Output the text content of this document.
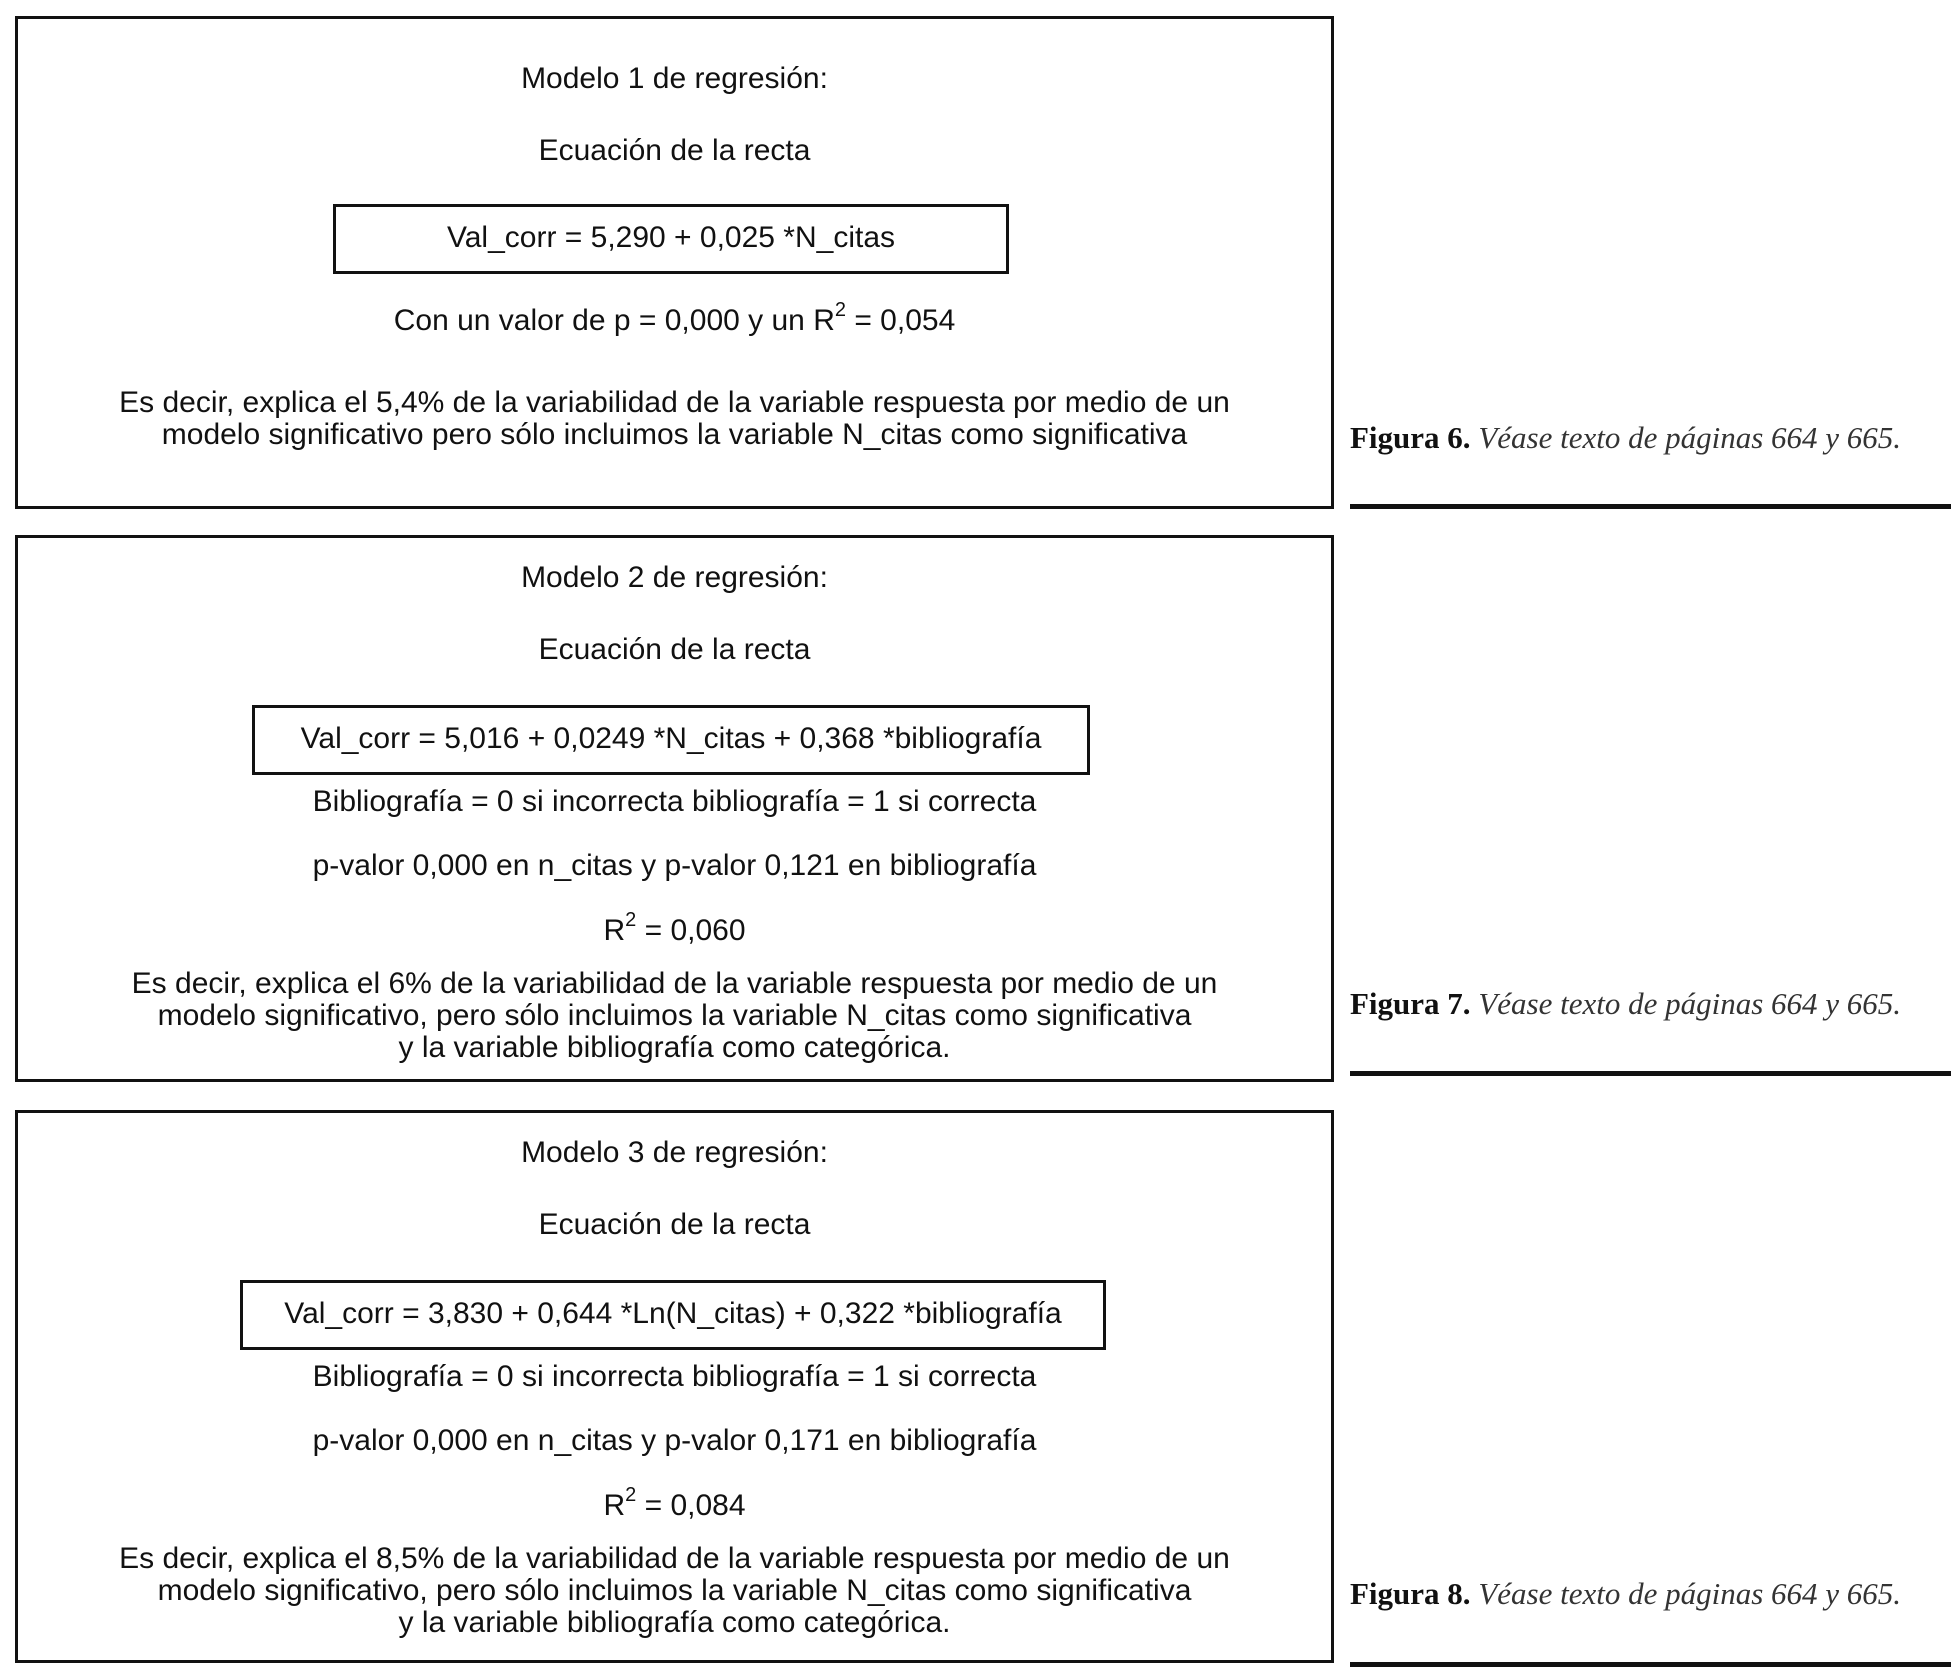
Modelo 1 de regresión:
Ecuación de la recta
Val_corr = 5,290 + 0,025 *N_citas
Con un valor de p = 0,000 y un $R^2 = 0,054$
Es decir, explica el 5,4% de la variabilidad de la variable respuesta por medio de un
modelo significativo pero sólo incluimos la variable N_citas como significativa	Figura 6. Véase texto de páginas 664 y 665.
Modelo 2 de regresión:
Ecuación de la recta
Val_corr = 5,016 + 0,0249 *N_citas + 0,368 *bibliografía
Bibliografía = 0 si incorrecta bibliografía = 1 si correcta
p-valor 0,000 en n_citas y p-valor 0,121 en bibliografía
$R^2 = 0,060$
Es decir, explica el 6% de la variabilidad de la variable respuesta por medio de un
modelo significativo, pero sólo incluimos la variable N_citas como significativa
y la variable bibliografía como categórica.
Figura 7. Véase texto de páginas 664 y 665.
Modelo 3 de regresión:
Ecuación de la recta
Val_corr = 3,830 + 0,644 *Ln(N_citas) + 0,322 *bibliografía
Bibliografía = 0 si incorrecta bibliografía = 1 si correcta
p-valor 0,000 en n_citas y p-valor 0,171 en bibliografía
$R^2 = 0,084$
Es decir, explica el 8,5% de la variabilidad de la variable respuesta por medio de un
modelo significativo, pero sólo incluimos la variable N_citas como significativa
y la variable bibliografía como categórica.
Figura 8. Véase texto de páginas 664 y 665.
